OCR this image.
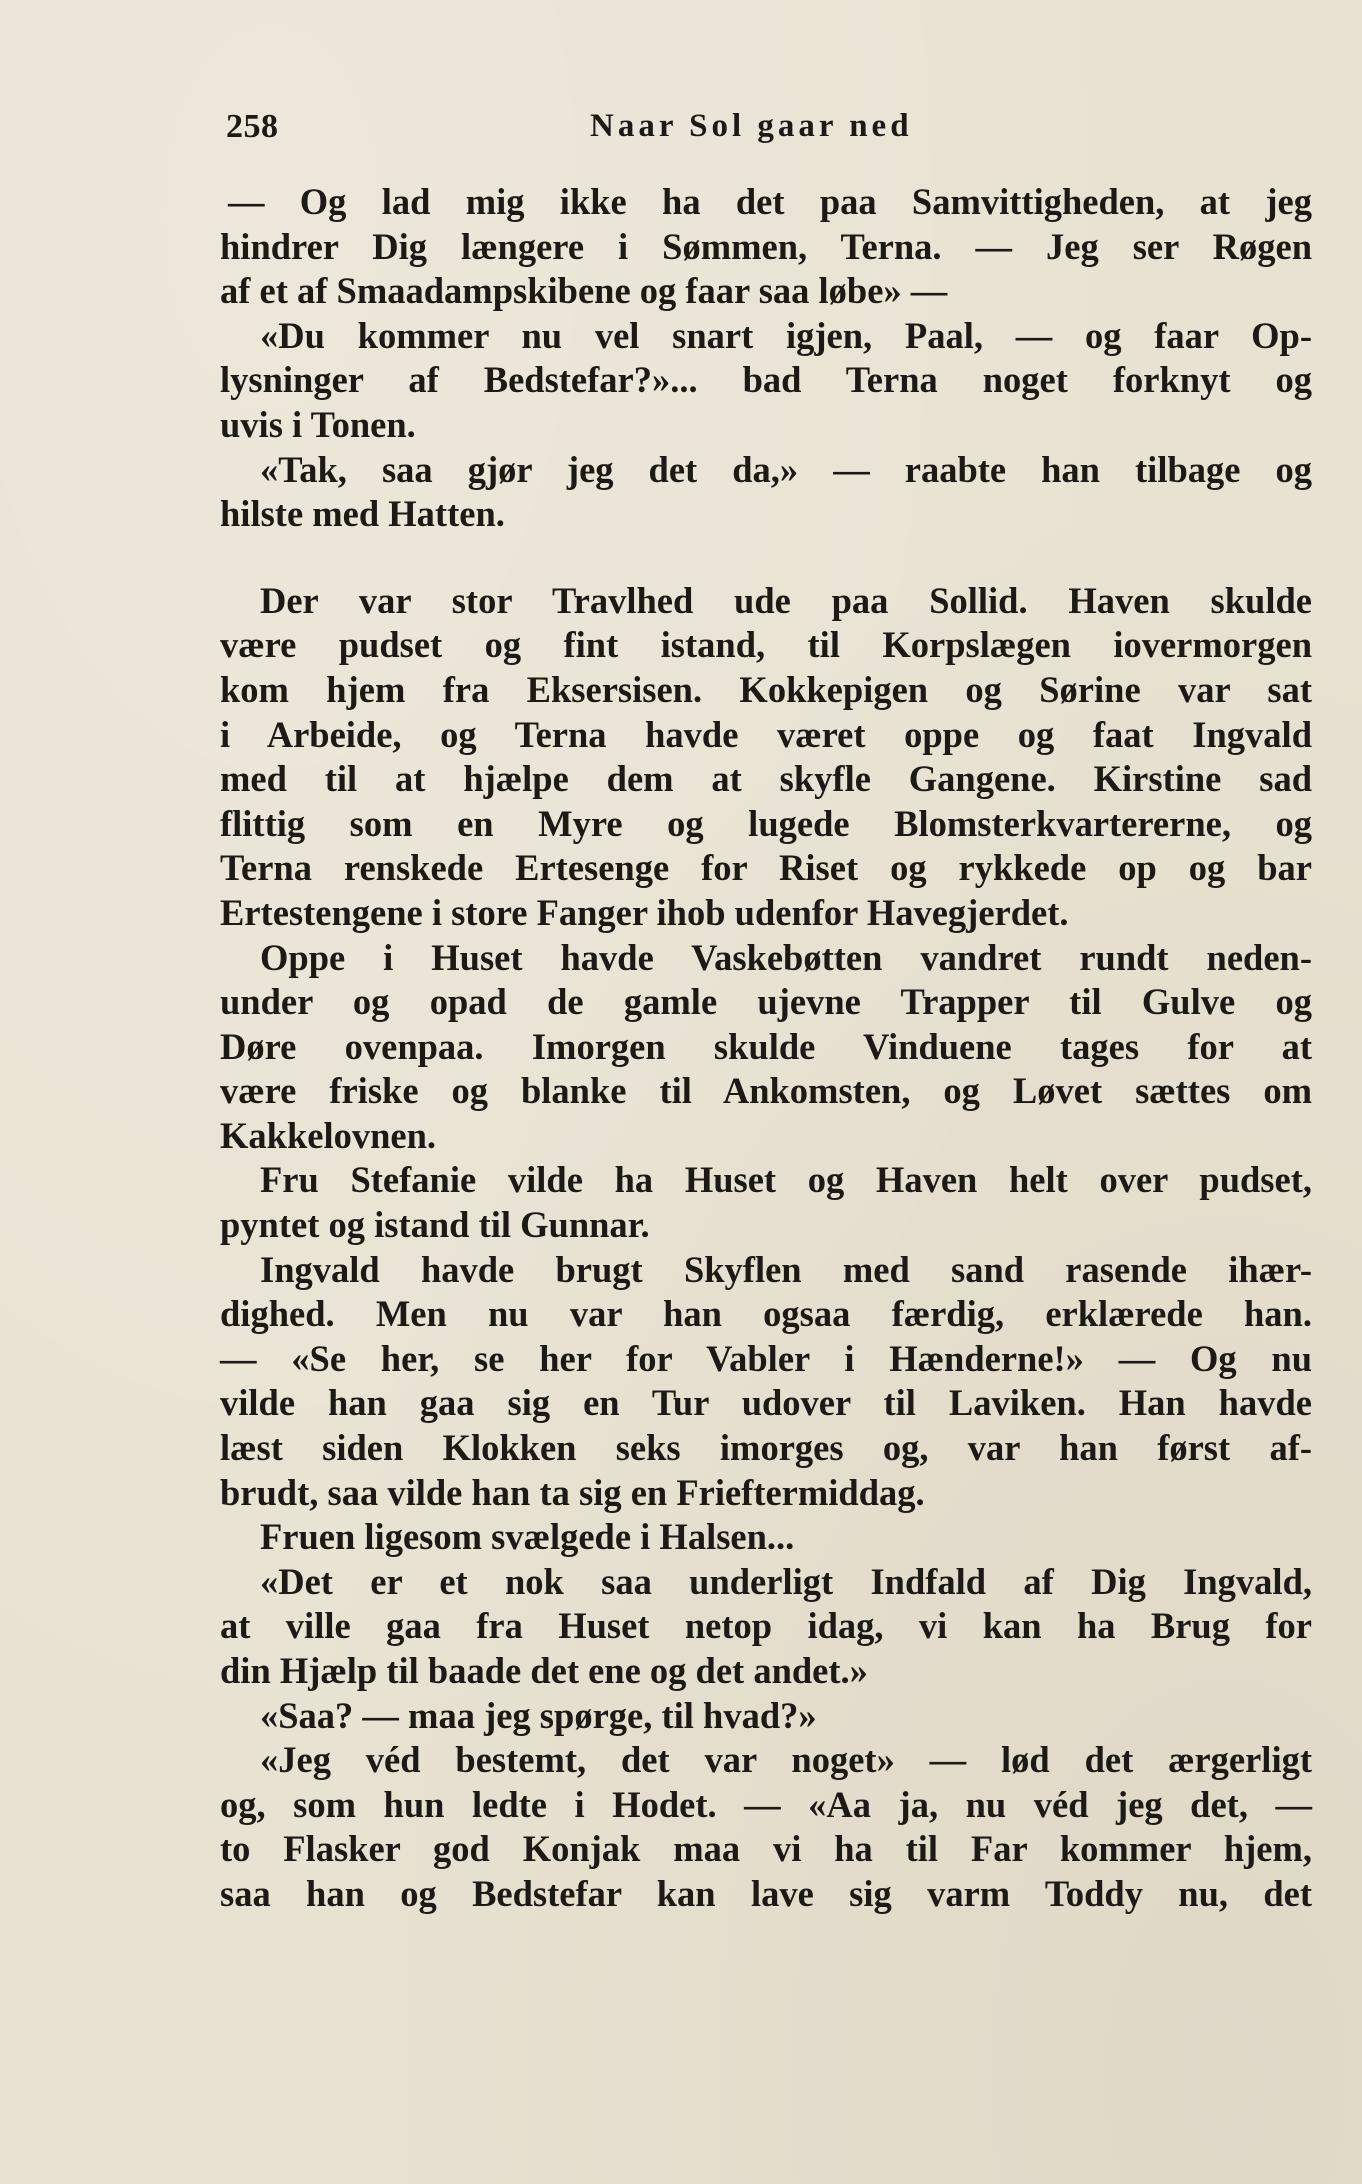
258	Naar Sol gaar ned
— Og lad mig ikke ha det paa Samvittigheden, at jeg
hindrer Dig længere i Sømmen, Terna. — Jeg ser Røgen
af et af Smaadampskibene og faar saa løbe» —
«Du kommer nu vel snart igjen, Paal, — og faar Op-
lysninger af Bedstefar?»... bad Terna noget forknyt og
uvis i Tonen.
«Tak, saa gjør jeg det da,» — raabte han tilbage og
hilste med Hatten.
Der var stor Travlhed ude paa Sollid. Haven skulde
være pudset og fint istand, til Korpslægen iovermorgen
kom hjem fra Eksersisen. Kokkepigen og Sørine var sat
i Arbeide, og Terna havde været oppe og faat Ingvald
med til at hjælpe dem at skyfle Gangene. Kirstine sad
flittig som en Myre og lugede Blomsterkvartererne, og
Terna renskede Ertesenge for Riset og rykkede op og bar
Ertestengene i store Fanger ihob udenfor Havegjerdet.
Oppe i Huset havde Vaskebøtten vandret rundt neden-
under og opad de gamle ujevne Trapper til Gulve og
Døre ovenpaa. Imorgen skulde Vinduene tages for at
være friske og blanke til Ankomsten, og Løvet sættes om
Kakkelovnen.
Fru Stefanie vilde ha Huset og Haven helt over pudset,
pyntet og istand til Gunnar.
Ingvald havde brugt Skyflen med sand rasende ihær-
dighed. Men nu var han ogsaa færdig, erklærede han.
— «Se her, se her for Vabler i Hænderne!» — Og nu
vilde han gaa sig en Tur udover til Laviken. Han havde
læst siden Klokken seks imorges og, var han først af-
brudt, saa vilde han ta sig en Frieftermiddag.
Fruen ligesom svælgede i Halsen...
«Det er et nok saa underligt Indfald af Dig Ingvald,
at ville gaa fra Huset netop idag, vi kan ha Brug for
din Hjælp til baade det ene og det andet.»
«Saa? — maa jeg spørge, til hvad?»
«Jeg véd bestemt, det var noget» — lød det ærgerligt
og, som hun ledte i Hodet. — «Aa ja, nu véd jeg det, —
to Flasker god Konjak maa vi ha til Far kommer hjem,
saa han og Bedstefar kan lave sig varm Toddy nu, det
